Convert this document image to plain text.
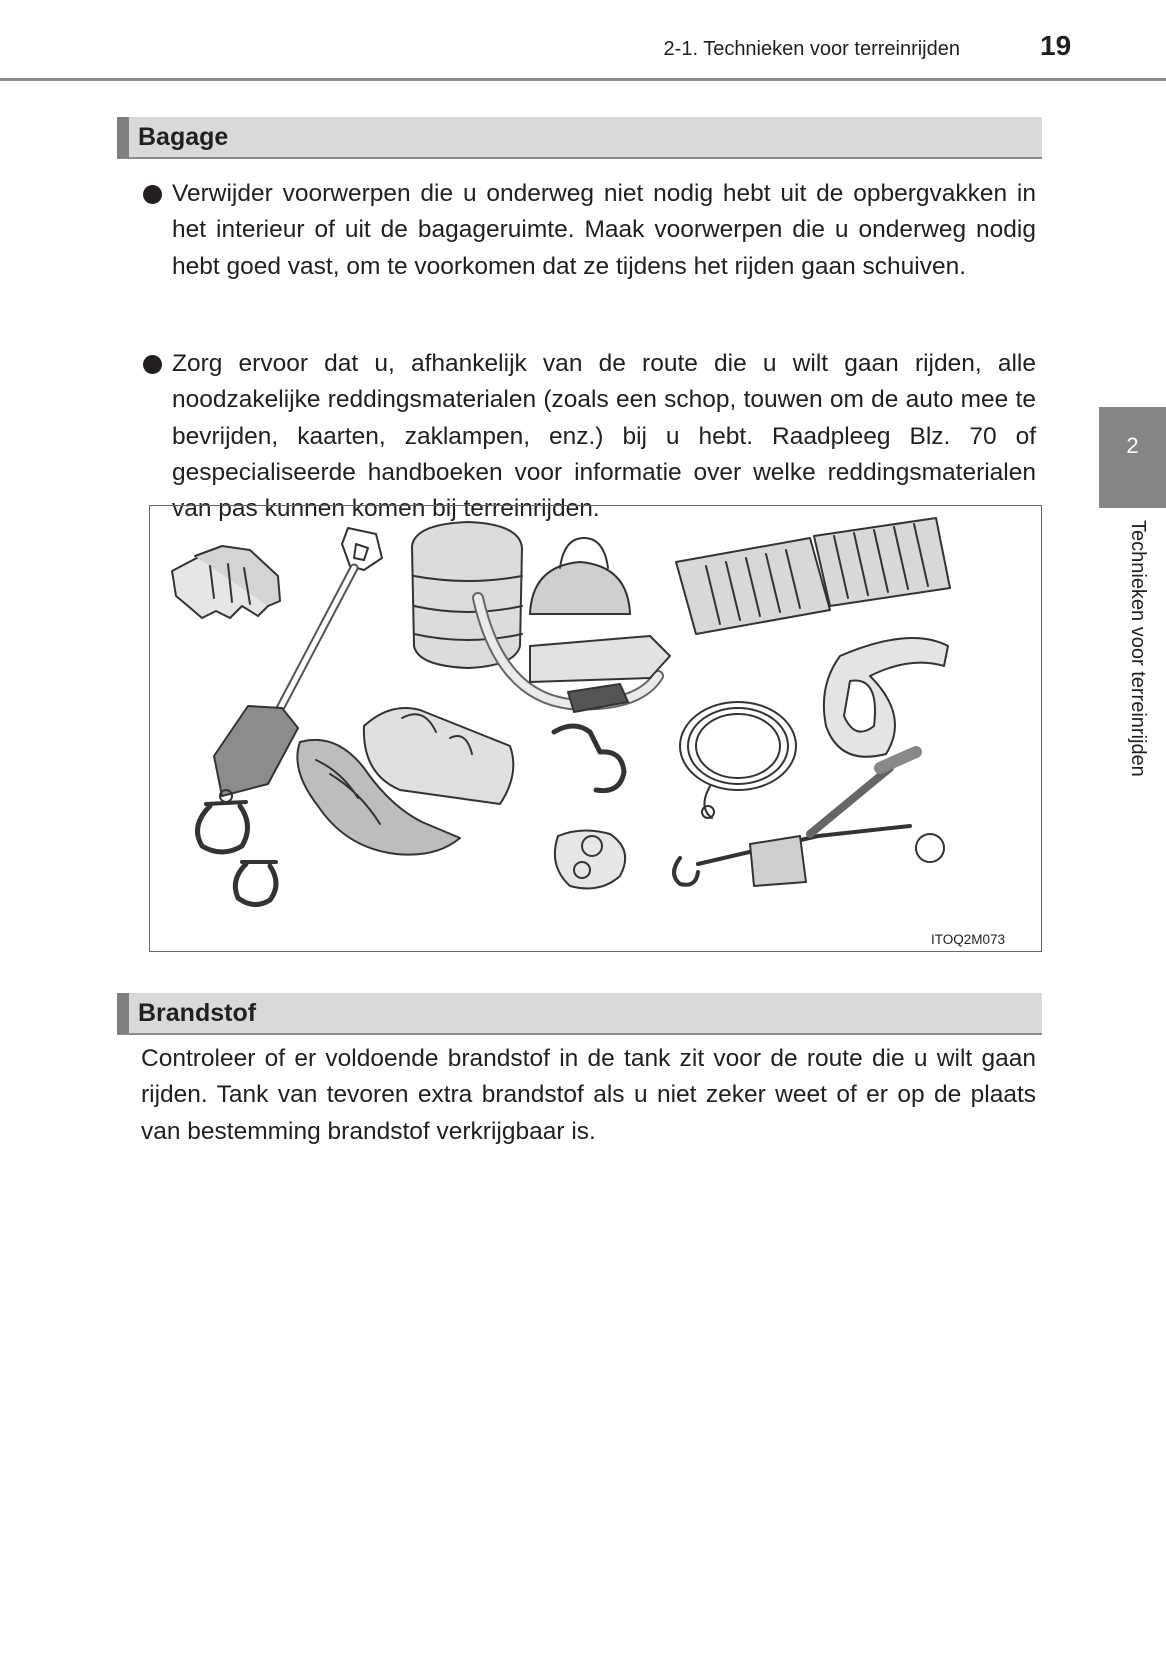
2-1. Technieken voor terreinrijden	19
2
Technieken voor terreinrijden
Bagage
Verwijder voorwerpen die u onderweg niet nodig hebt uit de opbergvakken in het interieur of uit de bagageruimte. Maak voorwerpen die u onderweg nodig hebt goed vast, om te voorkomen dat ze tijdens het rijden gaan schuiven.
Zorg ervoor dat u, afhankelijk van de route die u wilt gaan rijden, alle noodzakelijke reddingsmaterialen (zoals een schop, touwen om de auto mee te bevrijden, kaarten, zaklampen, enz.) bij u hebt. Raadpleeg Blz. 70 of gespecialiseerde handboeken voor informatie over welke reddingsmaterialen van pas kunnen komen bij terreinrijden.
ITOQ2M073
Brandstof
Controleer of er voldoende brandstof in de tank zit voor de route die u wilt gaan rijden. Tank van tevoren extra brandstof als u niet zeker weet of er op de plaats van bestemming brandstof verkrijgbaar is.
